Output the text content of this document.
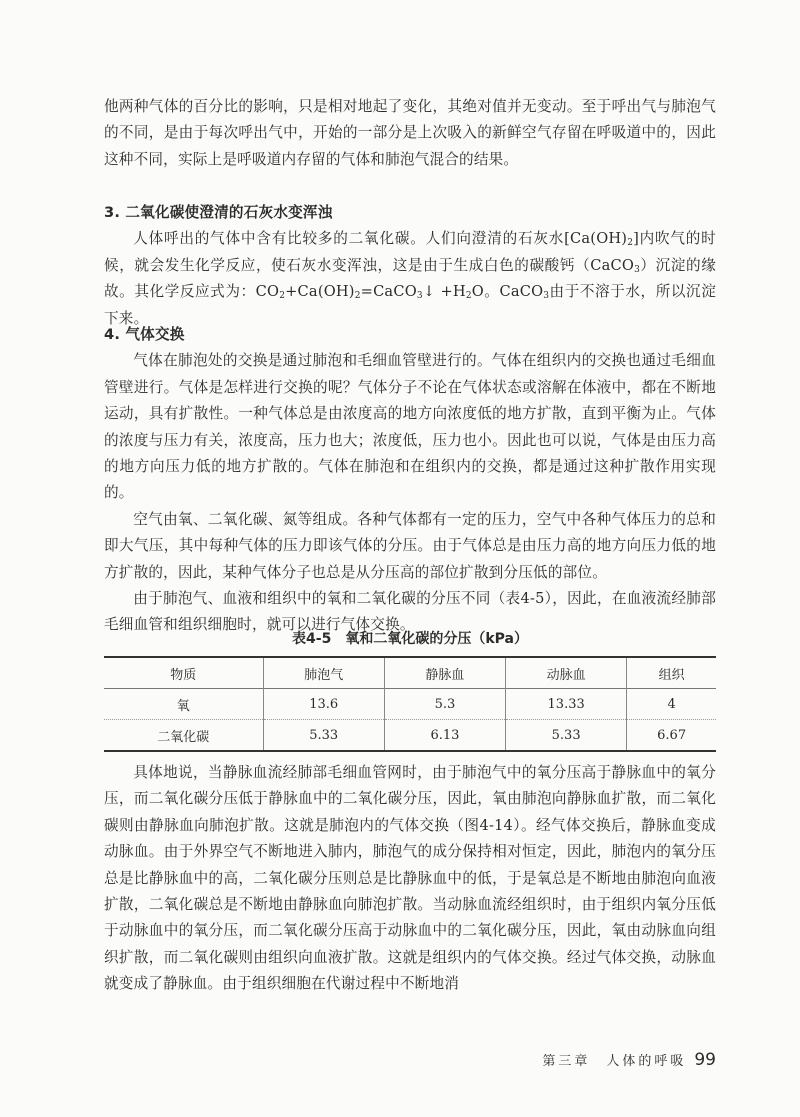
他两种气体的百分比的影响，只是相对地起了变化，其绝对值并无变动。至于呼出气与肺泡气的不同，是由于每次呼出气中，开始的一部分是上次吸入的新鲜空气存留在呼吸道中的，因此这种不同，实际上是呼吸道内存留的气体和肺泡气混合的结果。

3. 二氧化碳使澄清的石灰水变浑浊

人体呼出的气体中含有比较多的二氧化碳。人们向澄清的石灰水$[Ca(OH)_2]$内吹气的时候，就会发生化学反应，使石灰水变浑浊，这是由于生成白色的碳酸钙（CaCO$_3$）沉淀的缘故。其化学反应式为：$CO_2+Ca(OH)_2=CaCO_3↓ +H_2O$。CaCO$_3$由于不溶于水，所以沉淀下来。

4. 气体交换

气体在肺泡处的交换是通过肺泡和毛细血管壁进行的。气体在组织内的交换也通过毛细血管壁进行。气体是怎样进行交换的呢？气体分子不论在气体状态或溶解在体液中，都在不断地运动，具有扩散性。一种气体总是由浓度高的地方向浓度低的地方扩散，直到平衡为止。气体的浓度与压力有关，浓度高，压力也大；浓度低，压力也小。因此也可以说，气体是由压力高的地方向压力低的地方扩散的。气体在肺泡和在组织内的交换，都是通过这种扩散作用实现的。

空气由氧、二氧化碳、氮等组成。各种气体都有一定的压力，空气中各种气体压力的总和即大气压，其中每种气体的压力即该气体的分压。由于气体总是由压力高的地方向压力低的地方扩散的，因此，某种气体分子也总是从分压高的部位扩散到分压低的部位。

由于肺泡气、血液和组织中的氧和二氧化碳的分压不同（表4-5），因此，在血液流经肺部毛细血管和组织细胞时，就可以进行气体交换。

表4-5　氧和二氧化碳的分压（kPa）
物质	肺泡气	静脉血	动脉血	组织
氧	13.6	5.3	13.33	4
二氧化碳	5.33	6.13	5.33	6.67

具体地说，当静脉血流经肺部毛细血管网时，由于肺泡气中的氧分压高于静脉血中的氧分压，而二氧化碳分压低于静脉血中的二氧化碳分压，因此，氧由肺泡向静脉血扩散，而二氧化碳则由静脉血向肺泡扩散。这就是肺泡内的气体交换（图4-14）。经气体交换后，静脉血变成动脉血。由于外界空气不断地进入肺内，肺泡气的成分保持相对恒定，因此，肺泡内的氧分压总是比静脉血中的高，二氧化碳分压则总是比静脉血中的低，于是氧总是不断地由肺泡向血液扩散，二氧化碳总是不断地由静脉血向肺泡扩散。当动脉血流经组织时，由于组织内氧分压低于动脉血中的氧分压，而二氧化碳分压高于动脉血中的二氧化碳分压，因此，氧由动脉血向组织扩散，而二氧化碳则由组织向血液扩散。这就是组织内的气体交换。经过气体交换，动脉血就变成了静脉血。由于组织细胞在代谢过程中不断地消

第三章　人体的呼吸 99
